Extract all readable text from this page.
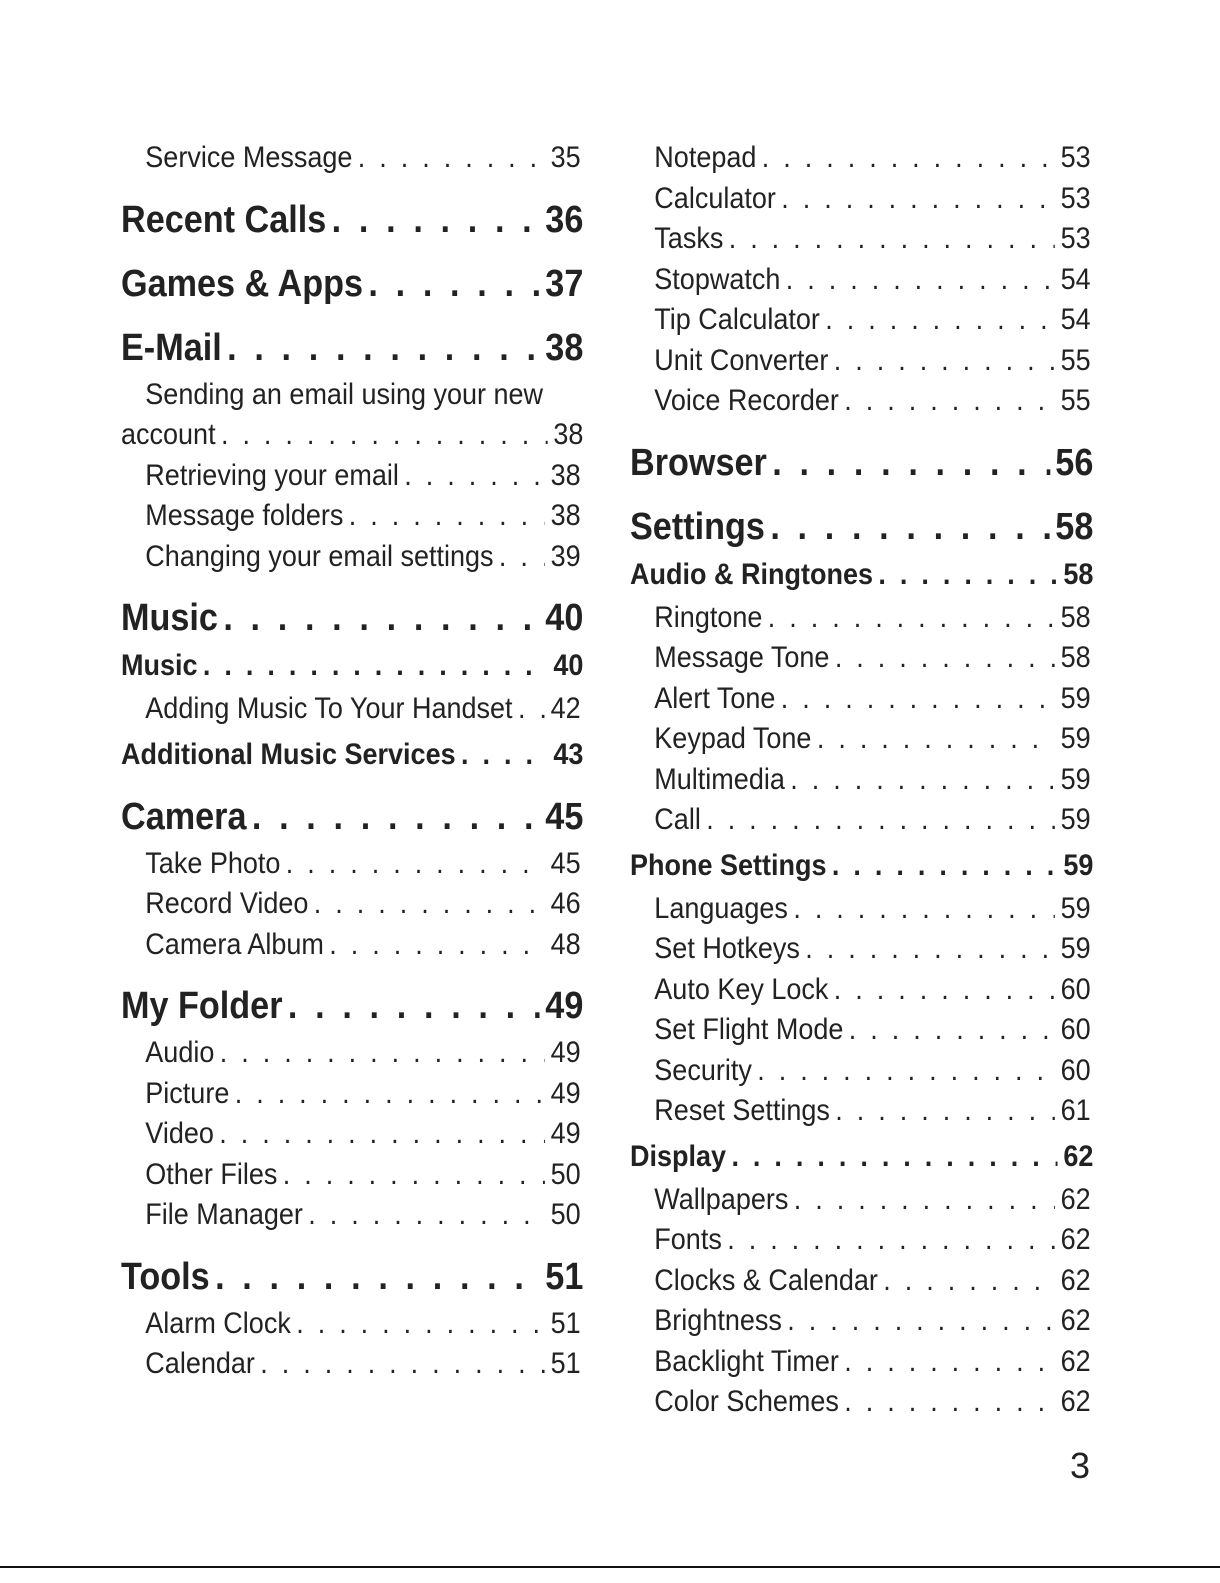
Service Message . . .	35
Recent Calls . . .	36
Games & Apps . . .	37
E-Mail . . .	38
Sending an email using your new
account . . .	38
Retrieving your email . . .	38
Message folders . . .	38
Changing your email settings . . . 39
Music . . .	40
Music . . .	40
Adding Music To Your Handset . . . 42
Additional Music Services . . .	43
Camera . . .	45
Take Photo . . .	45
Record Video . . .	46
Camera Album . . .	48
My Folder . . .	49
Audio . . .	49
Picture . . .	49
Video . . .	49
Other Files . . .	50
File Manager . . .	50
Tools . . .	51
Alarm Clock . . .	51
Calendar . . .	51
Notepad . . .	53
Calculator . . .	53
Tasks . . .	53
Stopwatch . . .	54
Tip Calculator . . .	54
Unit Converter . . .	55
Voice Recorder . . .	55
Browser . . .	56
Settings . . .	58
Audio & Ringtones . . .	58
Ringtone . . .	58
Message Tone . . .	58
Alert Tone . . .	59
Keypad Tone . . .	59
Multimedia . . .	59
Call . . .	59
Phone Settings . . .	59
Languages . . .	59
Set Hotkeys . . .	59
Auto Key Lock . . .	60
Set Flight Mode . . .	60
Security . . .	60
Reset Settings . . .	61
Display . . .	62
Wallpapers . . .	62
Fonts . . .	62
Clocks & Calendar . . .	62
Brightness . . .	62
Backlight Timer . . .	62
Color Schemes . . .	62
3
